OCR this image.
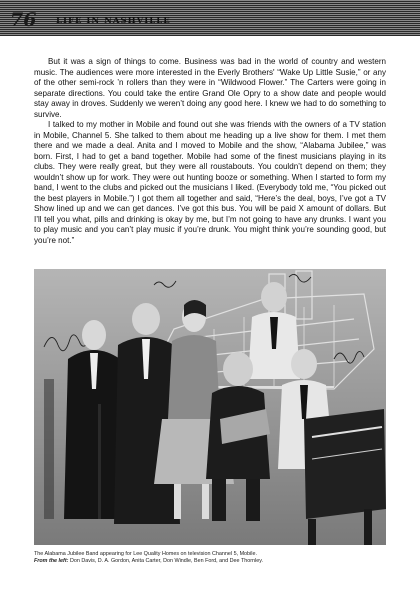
76 LIFE IN NASHVILLE

But it was a sign of things to come. Business was bad in the world of country and western music. The audiences were more interested in the Everly Brothers' “Wake Up Little Susie,” or any of the other semi-rock ’n rollers than they were in “Wildwood Flower.” The Carters were going in separate directions. You could take the entire Grand Ole Opry to a show date and people would stay away in droves. Suddenly we weren’t doing any good here. I knew we had to do something to survive.

I talked to my mother in Mobile and found out she was friends with the owners of a TV station in Mobile, Channel 5. She talked to them about me heading up a live show for them. I met them there and we made a deal. Anita and I moved to Mobile and the show, “Alabama Jubilee,” was born. First, I had to get a band together. Mobile had some of the finest musicians playing in its clubs. They were really great, but they were all roustabouts. You couldn’t depend on them; they wouldn’t show up for work. They were out hunting booze or something. When I started to form my band, I went to the clubs and picked out the musicians I liked. (Everybody told me, “You picked out the best players in Mobile.”) I got them all together and said, “Here’s the deal, boys, I’ve got a TV Show lined up and we can get dances. I’ve got this bus. You will be paid X amount of dollars. But I’ll tell you what, pills and drinking is okay by me, but I’m not going to have any drunks. I want you to play music and you can’t play music if you’re drunk. You might think you’re sounding good, but you’re not.”

The Alabama Jubilee Band appearing for Lee Quality Homes on television Channel 5, Mobile.
From the left: Don Davis, D. A. Gordon, Anita Carter, Don Windle, Ben Ford, and Dee Thornley.
